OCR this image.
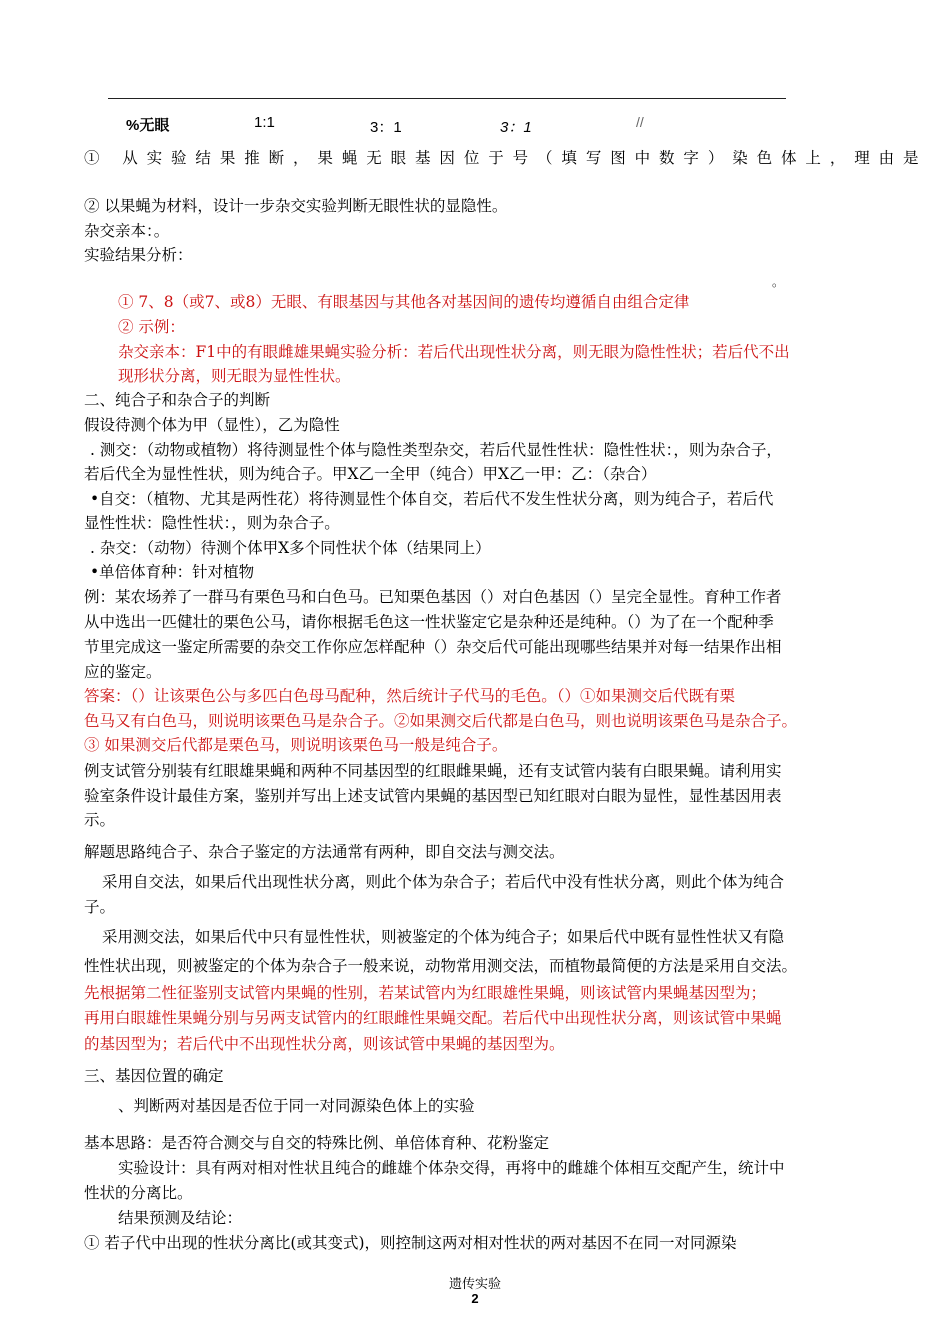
%无眼	1:1	3：1	3：1	//
① 从实验结果推断，果蝇无眼基因位于号（填写图中数字）染色体上，理由是
② 以果蝇为材料，设计一步杂交实验判断无眼性状的显隐性。
杂交亲本：。
实验结果分析：
。
① 7、8（或7、或8）无眼、有眼基因与其他各对基因间的遗传均遵循自由组合定律
② 示例：
杂交亲本：F1中的有眼雌雄果蝇实验分析：若后代出现性状分离，则无眼为隐性性状；若后代不出
现形状分离，则无眼为显性性状。
二、纯合子和杂合子的判断
假设待测个体为甲（显性），乙为隐性
. 测交：（动物或植物）将待测显性个体与隐性类型杂交，若后代显性性状：隐性性状：，则为杂合子，
若后代全为显性性状，则为纯合子。甲X乙一全甲（纯合）甲X乙一甲：乙：（杂合）
•自交：（植物、尤其是两性花）将待测显性个体自交，若后代不发生性状分离，则为纯合子，若后代
显性性状：隐性性状：，则为杂合子。
. 杂交：（动物）待测个体甲X多个同性状个体（结果同上）
•单倍体育种：针对植物
例：某农场养了一群马有栗色马和白色马。已知栗色基因（）对白色基因（）呈完全显性。育种工作者
从中选出一匹健壮的栗色公马，请你根据毛色这一性状鉴定它是杂种还是纯种。（）为了在一个配种季
节里完成这一鉴定所需要的杂交工作你应怎样配种（）杂交后代可能出现哪些结果并对每一结果作出相
应的鉴定。
答案：（）让该栗色公与多匹白色母马配种，然后统计子代马的毛色。（）①如果测交后代既有栗
色马又有白色马，则说明该栗色马是杂合子。②如果测交后代都是白色马，则也说明该栗色马是杂合子。
③ 如果测交后代都是栗色马，则说明该栗色马一般是纯合子。
例支试管分别装有红眼雄果蝇和两种不同基因型的红眼雌果蝇，还有支试管内装有白眼果蝇。请利用实
验室条件设计最佳方案，鉴别并写出上述支试管内果蝇的基因型已知红眼对白眼为显性，显性基因用表
示。
解题思路纯合子、杂合子鉴定的方法通常有两种，即自交法与测交法。
采用自交法，如果后代出现性状分离，则此个体为杂合子；若后代中没有性状分离，则此个体为纯合
子。
采用测交法，如果后代中只有显性性状，则被鉴定的个体为纯合子；如果后代中既有显性性状又有隐
性性状出现，则被鉴定的个体为杂合子一般来说，动物常用测交法，而植物最简便的方法是采用自交法。
先根据第二性征鉴别支试管内果蝇的性别，若某试管内为红眼雄性果蝇，则该试管内果蝇基因型为；
再用白眼雄性果蝇分别与另两支试管内的红眼雌性果蝇交配。若后代中出现性状分离，则该试管中果蝇
的基因型为；若后代中不出现性状分离，则该试管中果蝇的基因型为。
三、基因位置的确定
、判断两对基因是否位于同一对同源染色体上的实验
基本思路：是否符合测交与自交的特殊比例、单倍体育种、花粉鉴定
实验设计：具有两对相对性状且纯合的雌雄个体杂交得，再将中的雌雄个体相互交配产生，统计中
性状的分离比。
结果预测及结论：
① 若子代中出现的性状分离比(或其变式)，则控制这两对相对性状的两对基因不在同一对同源染
遗传实验
2
